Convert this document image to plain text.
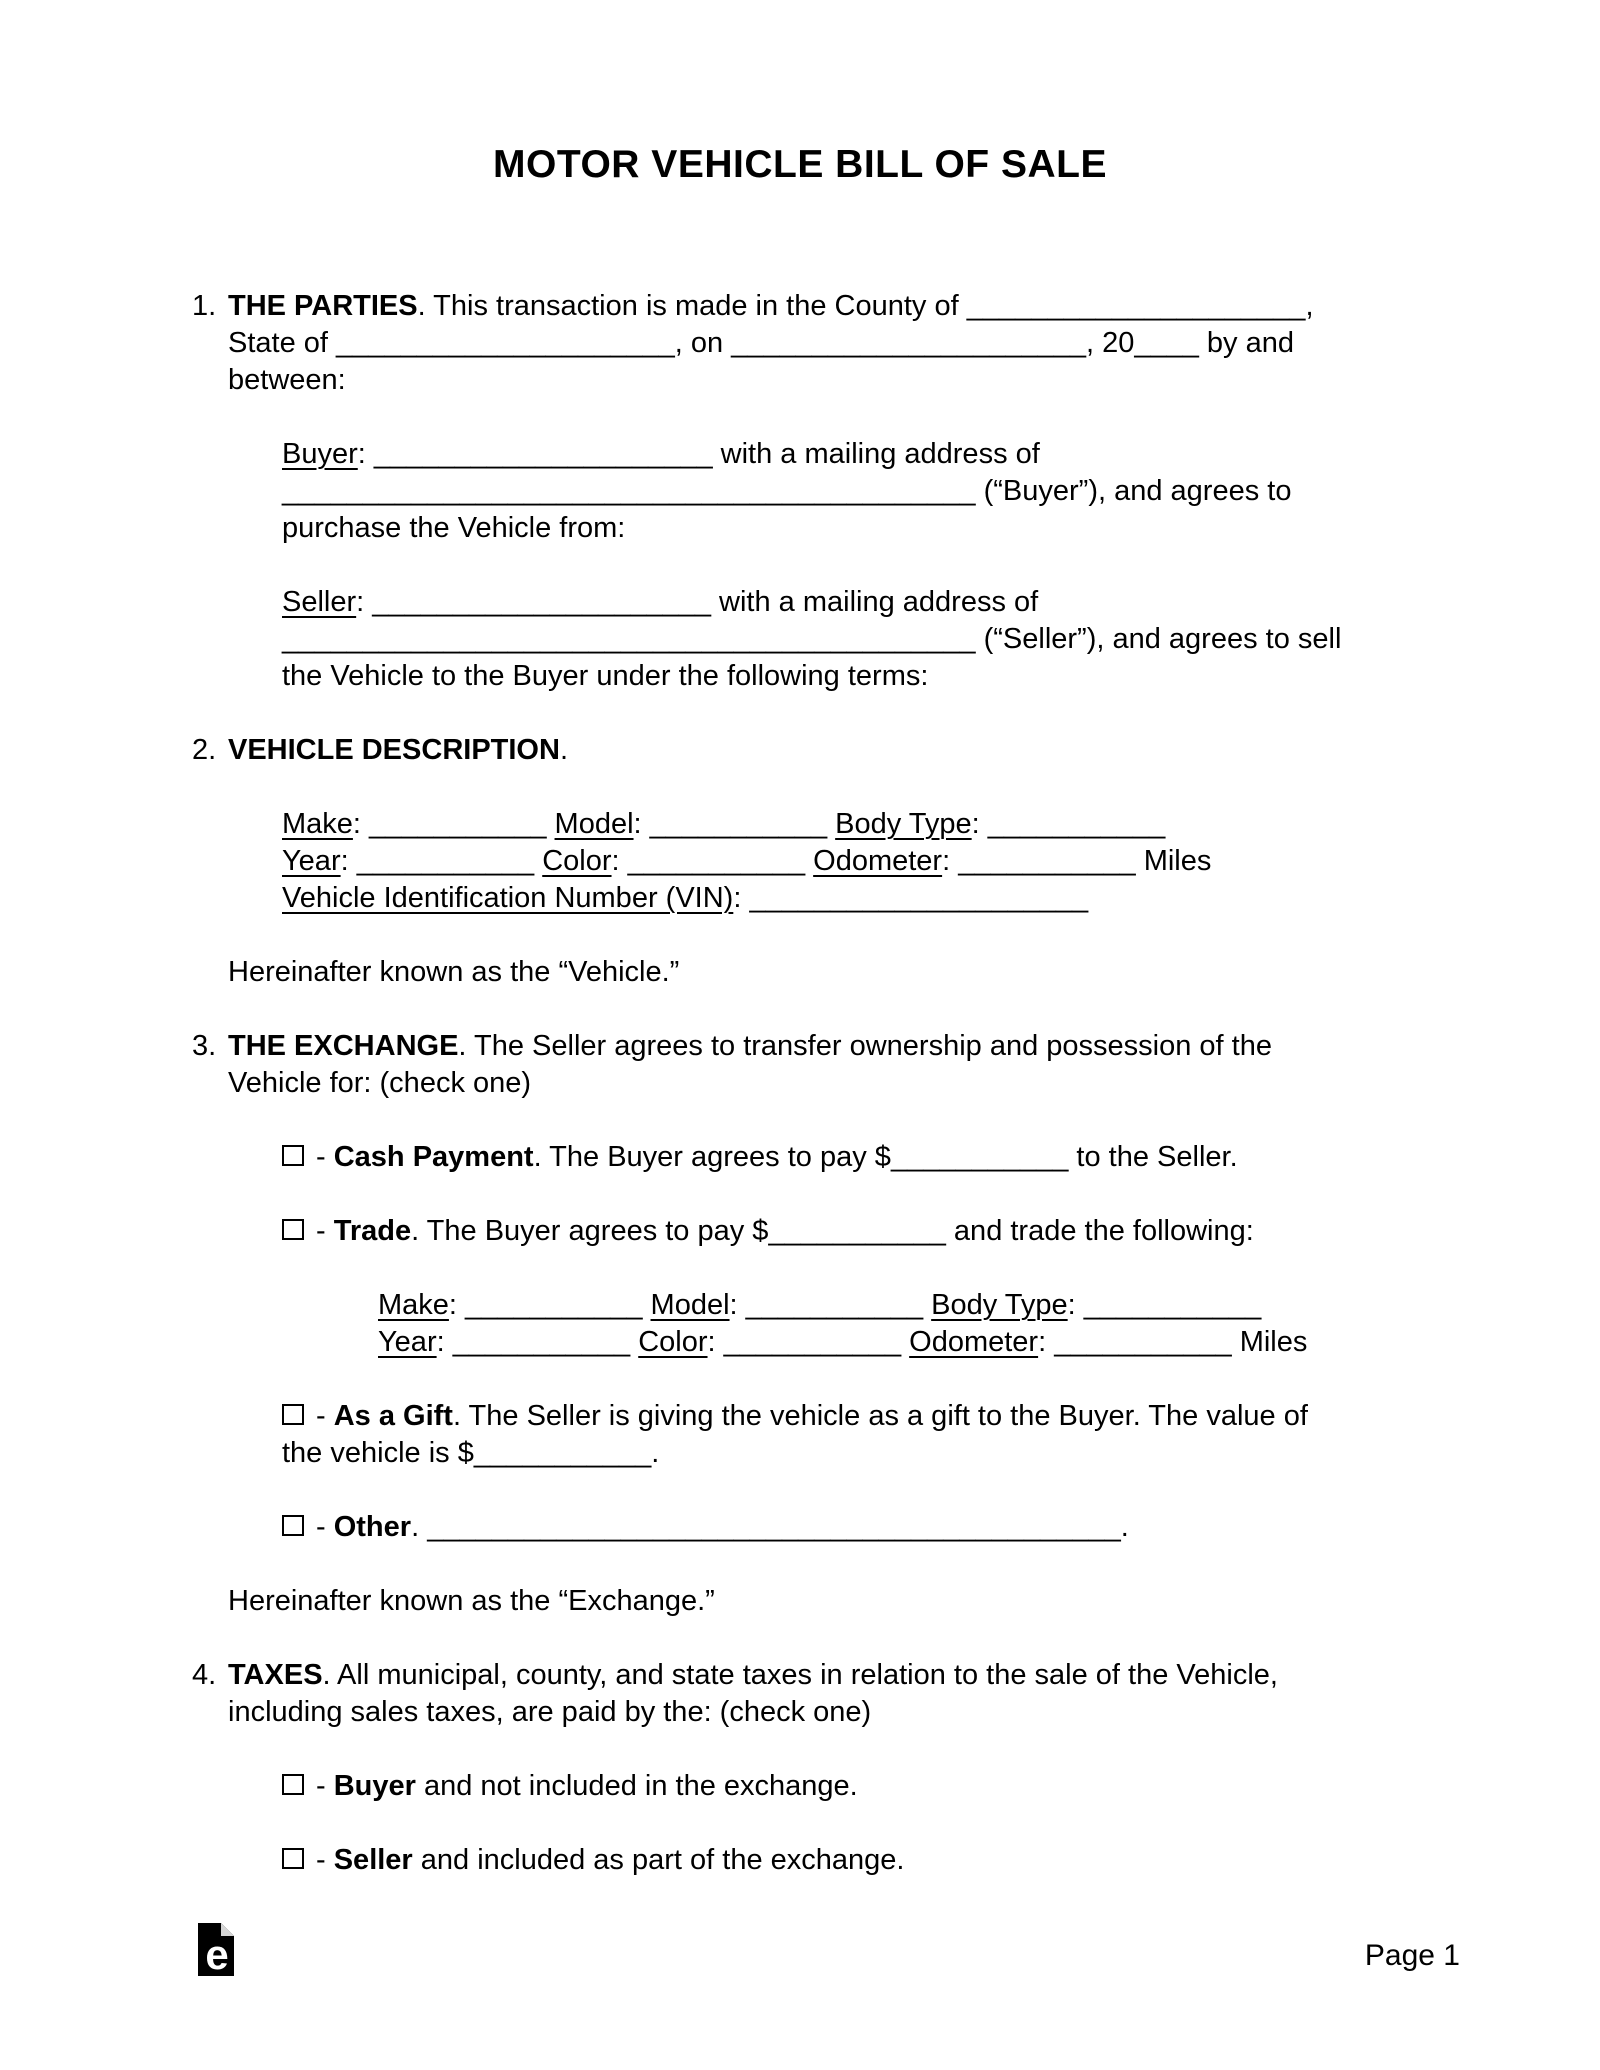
MOTOR VEHICLE BILL OF SALE
1. THE PARTIES. This transaction is made in the County of _____________________,
State of _____________________, on ______________________, 20____ by and
between:
Buyer: _____________________ with a mailing address of
___________________________________________ (“Buyer”), and agrees to
purchase the Vehicle from:
Seller: _____________________ with a mailing address of
___________________________________________ (“Seller”), and agrees to sell
the Vehicle to the Buyer under the following terms:
2. VEHICLE DESCRIPTION.
Make: ___________ Model: ___________ Body Type: ___________
Year: ___________ Color: ___________ Odometer: ___________ Miles
Vehicle Identification Number (VIN): _____________________
Hereinafter known as the “Vehicle.”
3. THE EXCHANGE. The Seller agrees to transfer ownership and possession of the
Vehicle for: (check one)
- Cash Payment. The Buyer agrees to pay $___________ to the Seller.
- Trade. The Buyer agrees to pay $___________ and trade the following:
Make: ___________ Model: ___________ Body Type: ___________
Year: ___________ Color: ___________ Odometer: ___________ Miles
- As a Gift. The Seller is giving the vehicle as a gift to the Buyer. The value of
the vehicle is $___________.
- Other. ___________________________________________.
Hereinafter known as the “Exchange.”
4. TAXES. All municipal, county, and state taxes in relation to the sale of the Vehicle,
including sales taxes, are paid by the: (check one)
- Buyer and not included in the exchange.
- Seller and included as part of the exchange.
e	Page 1
